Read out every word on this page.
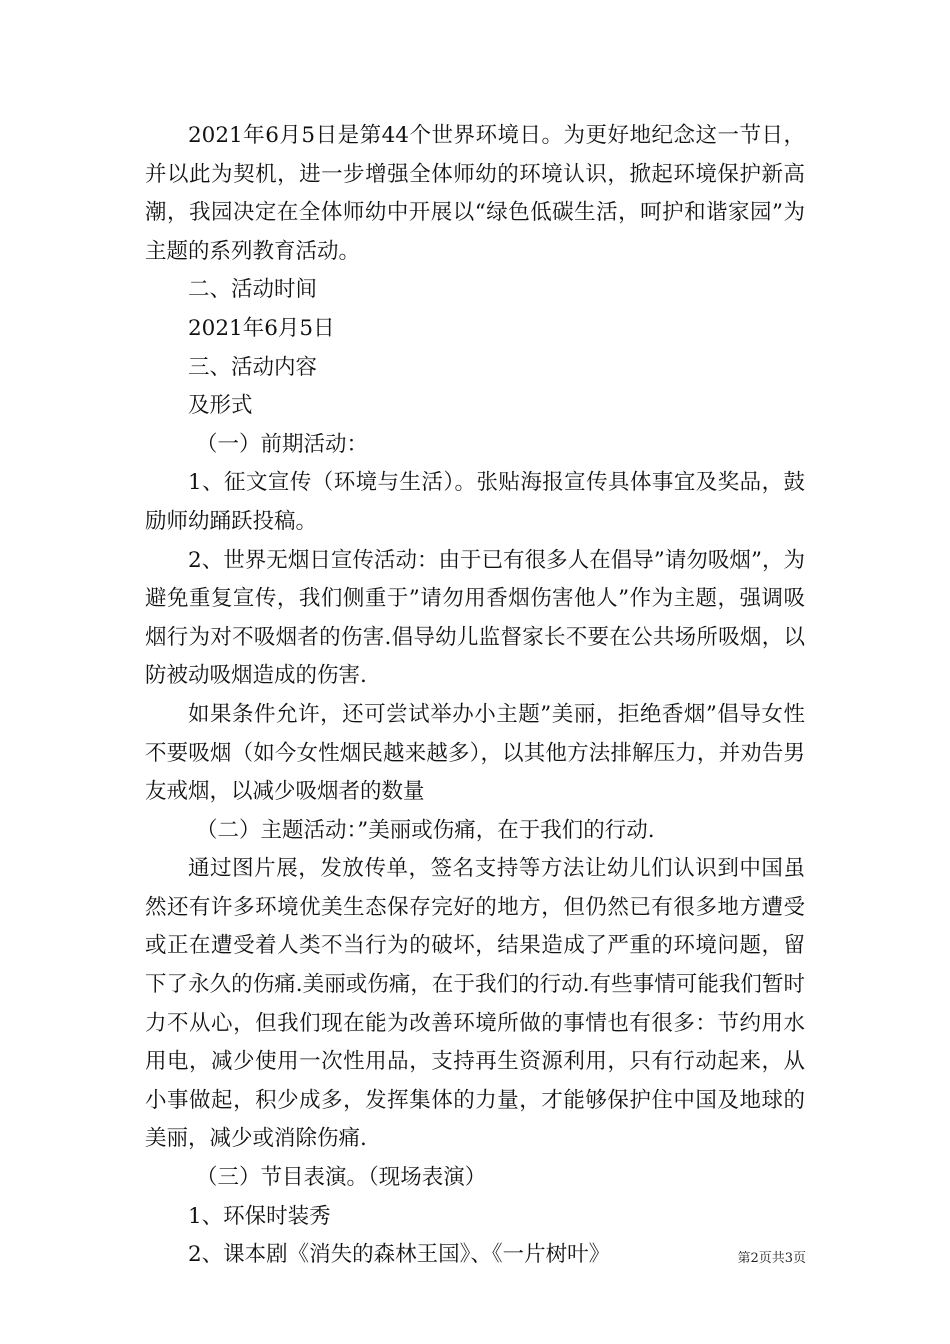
2021年6月5日是第44个世界环境日。为更好地纪念这一节日，并以此为契机，进一步增强全体师幼的环境认识，掀起环境保护新高潮，我园决定在全体师幼中开展以“绿色低碳生活，呵护和谐家园”为主题的系列教育活动。

二、活动时间

2021年6月5日

三、活动内容

及形式

（一）前期活动：

1、征文宣传（环境与生活）。张贴海报宣传具体事宜及奖品，鼓励师幼踊跃投稿。

2、世界无烟日宣传活动：由于已有很多人在倡导”请勿吸烟”，为避免重复宣传，我们侧重于”请勿用香烟伤害他人”作为主题，强调吸烟行为对不吸烟者的伤害.倡导幼儿监督家长不要在公共场所吸烟，以防被动吸烟造成的伤害.

如果条件允许，还可尝试举办小主题”美丽，拒绝香烟”倡导女性不要吸烟（如今女性烟民越来越多），以其他方法排解压力，并劝告男友戒烟，以减少吸烟者的数量

（二）主题活动：”美丽或伤痛，在于我们的行动.

通过图片展，发放传单，签名支持等方法让幼儿们认识到中国虽然还有许多环境优美生态保存完好的地方，但仍然已有很多地方遭受或正在遭受着人类不当行为的破坏，结果造成了严重的环境问题，留下了永久的伤痛.美丽或伤痛，在于我们的行动.有些事情可能我们暂时力不从心，但我们现在能为改善环境所做的事情也有很多：节约用水用电，减少使用一次性用品，支持再生资源利用，只有行动起来，从小事做起，积少成多，发挥集体的力量，才能够保护住中国及地球的美丽，减少或消除伤痛.

（三）节目表演。（现场表演）

1、环保时装秀

2、课本剧《消失的森林王国》、《一片树叶》	第2页共3页
